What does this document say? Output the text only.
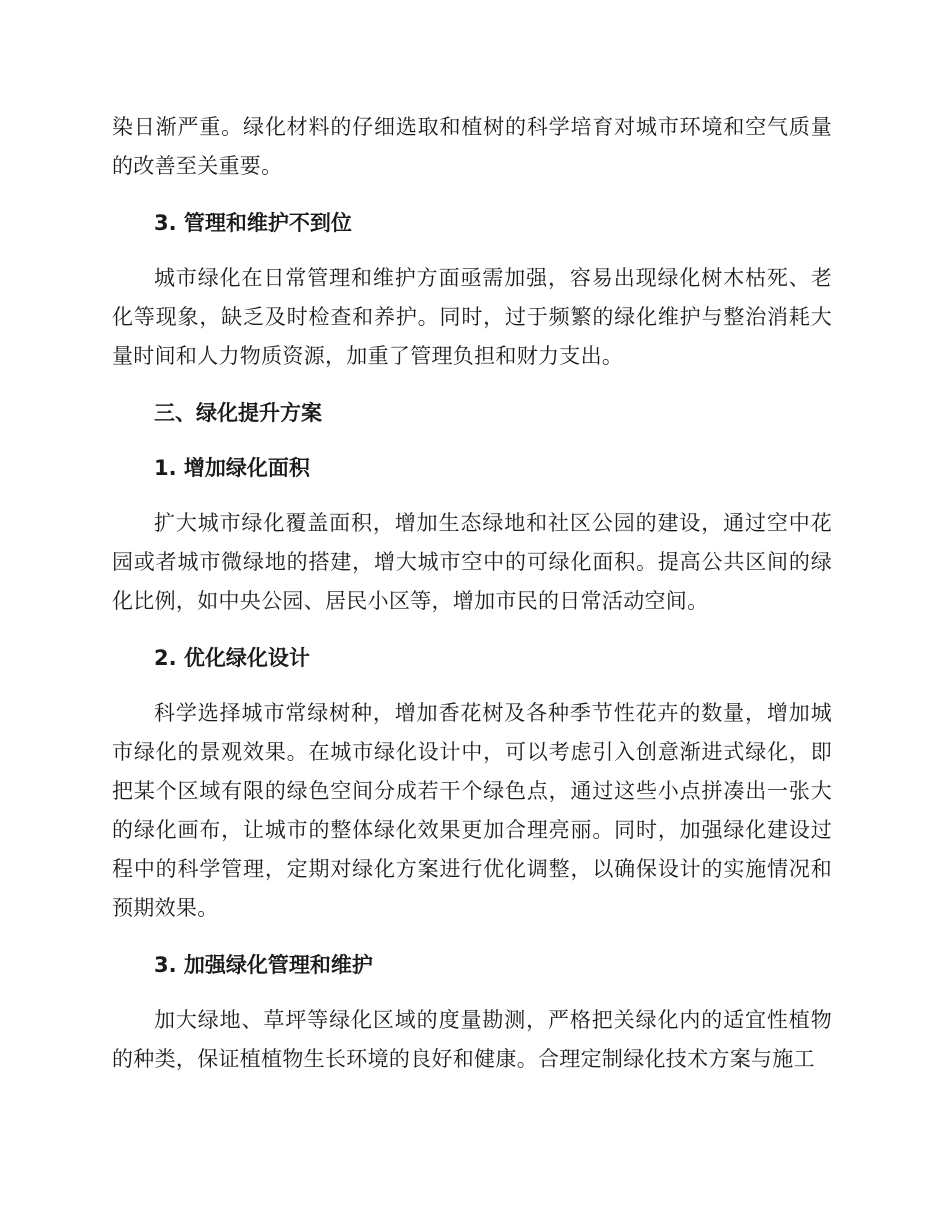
染日渐严重。绿化材料的仔细选取和植树的科学培育对城市环境和空气质量的改善至关重要。

3. 管理和维护不到位

城市绿化在日常管理和维护方面亟需加强，容易出现绿化树木枯死、老化等现象，缺乏及时检查和养护。同时，过于频繁的绿化维护与整治消耗大量时间和人力物质资源，加重了管理负担和财力支出。

三、绿化提升方案
1. 增加绿化面积

扩大城市绿化覆盖面积，增加生态绿地和社区公园的建设，通过空中花园或者城市微绿地的搭建，增大城市空中的可绿化面积。提高公共区间的绿化比例，如中央公园、居民小区等，增加市民的日常活动空间。

2. 优化绿化设计

科学选择城市常绿树种，增加香花树及各种季节性花卉的数量，增加城市绿化的景观效果。在城市绿化设计中，可以考虑引入创意渐进式绿化，即把某个区域有限的绿色空间分成若干个绿色点，通过这些小点拼凑出一张大的绿化画布，让城市的整体绿化效果更加合理亮丽。同时，加强绿化建设过程中的科学管理，定期对绿化方案进行优化调整，以确保设计的实施情况和预期效果。

3. 加强绿化管理和维护

加大绿地、草坪等绿化区域的度量勘测，严格把关绿化内的适宜性植物的种类，保证植植物生长环境的良好和健康。合理定制绿化技术方案与施工
